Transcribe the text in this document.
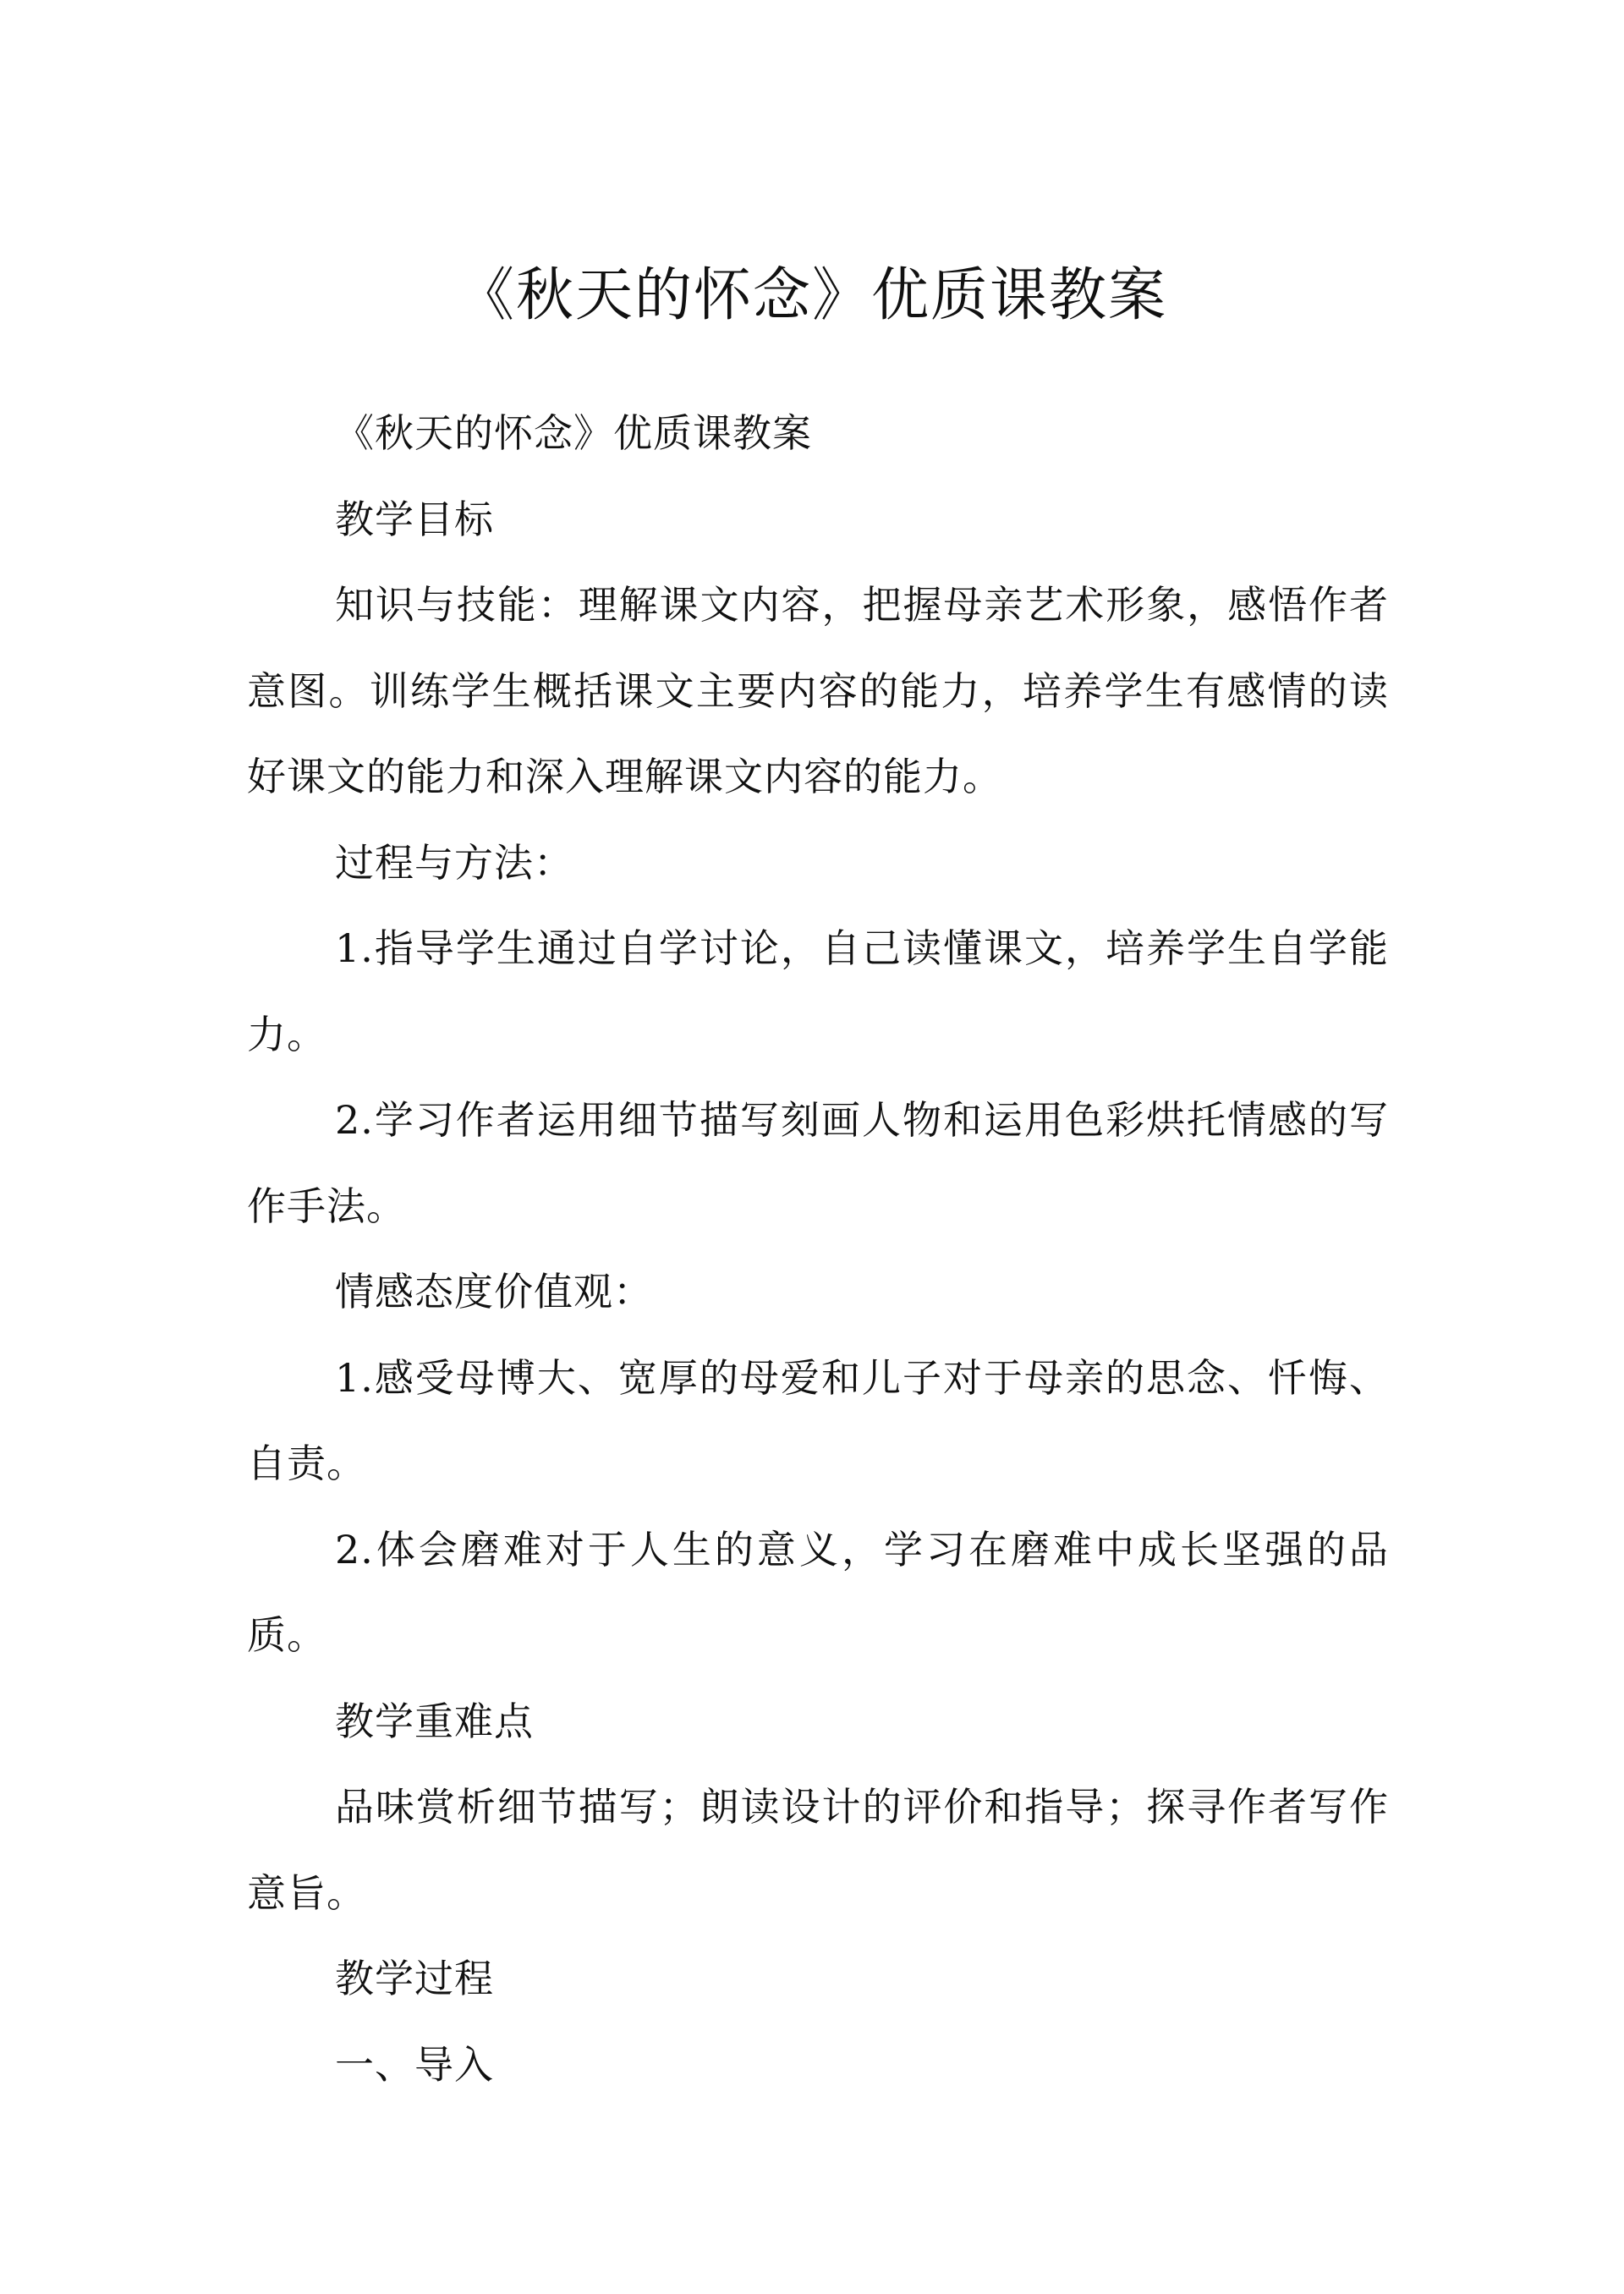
《秋天的怀念》优质课教案

《秋天的怀念》优质课教案

教学目标

知识与技能：理解课文内容，把握母亲艺术形象，感悟作者意图。训练学生概括课文主要内容的能力，培养学生有感情的读好课文的能力和深入理解课文内容的能力。

过程与方法：

1.指导学生通过自学讨论，自己读懂课文，培养学生自学能力。

2.学习作者运用细节描写刻画人物和运用色彩烘托情感的写作手法。

情感态度价值观：

1.感受母博大、宽厚的母爱和儿子对于母亲的思念、忏悔、自责。

2.体会磨难对于人生的意义，学习在磨难中成长坚强的品质。

教学重难点

品味赏析细节描写；朗读设计的评价和指导；探寻作者写作意旨。

教学过程

一、导入
